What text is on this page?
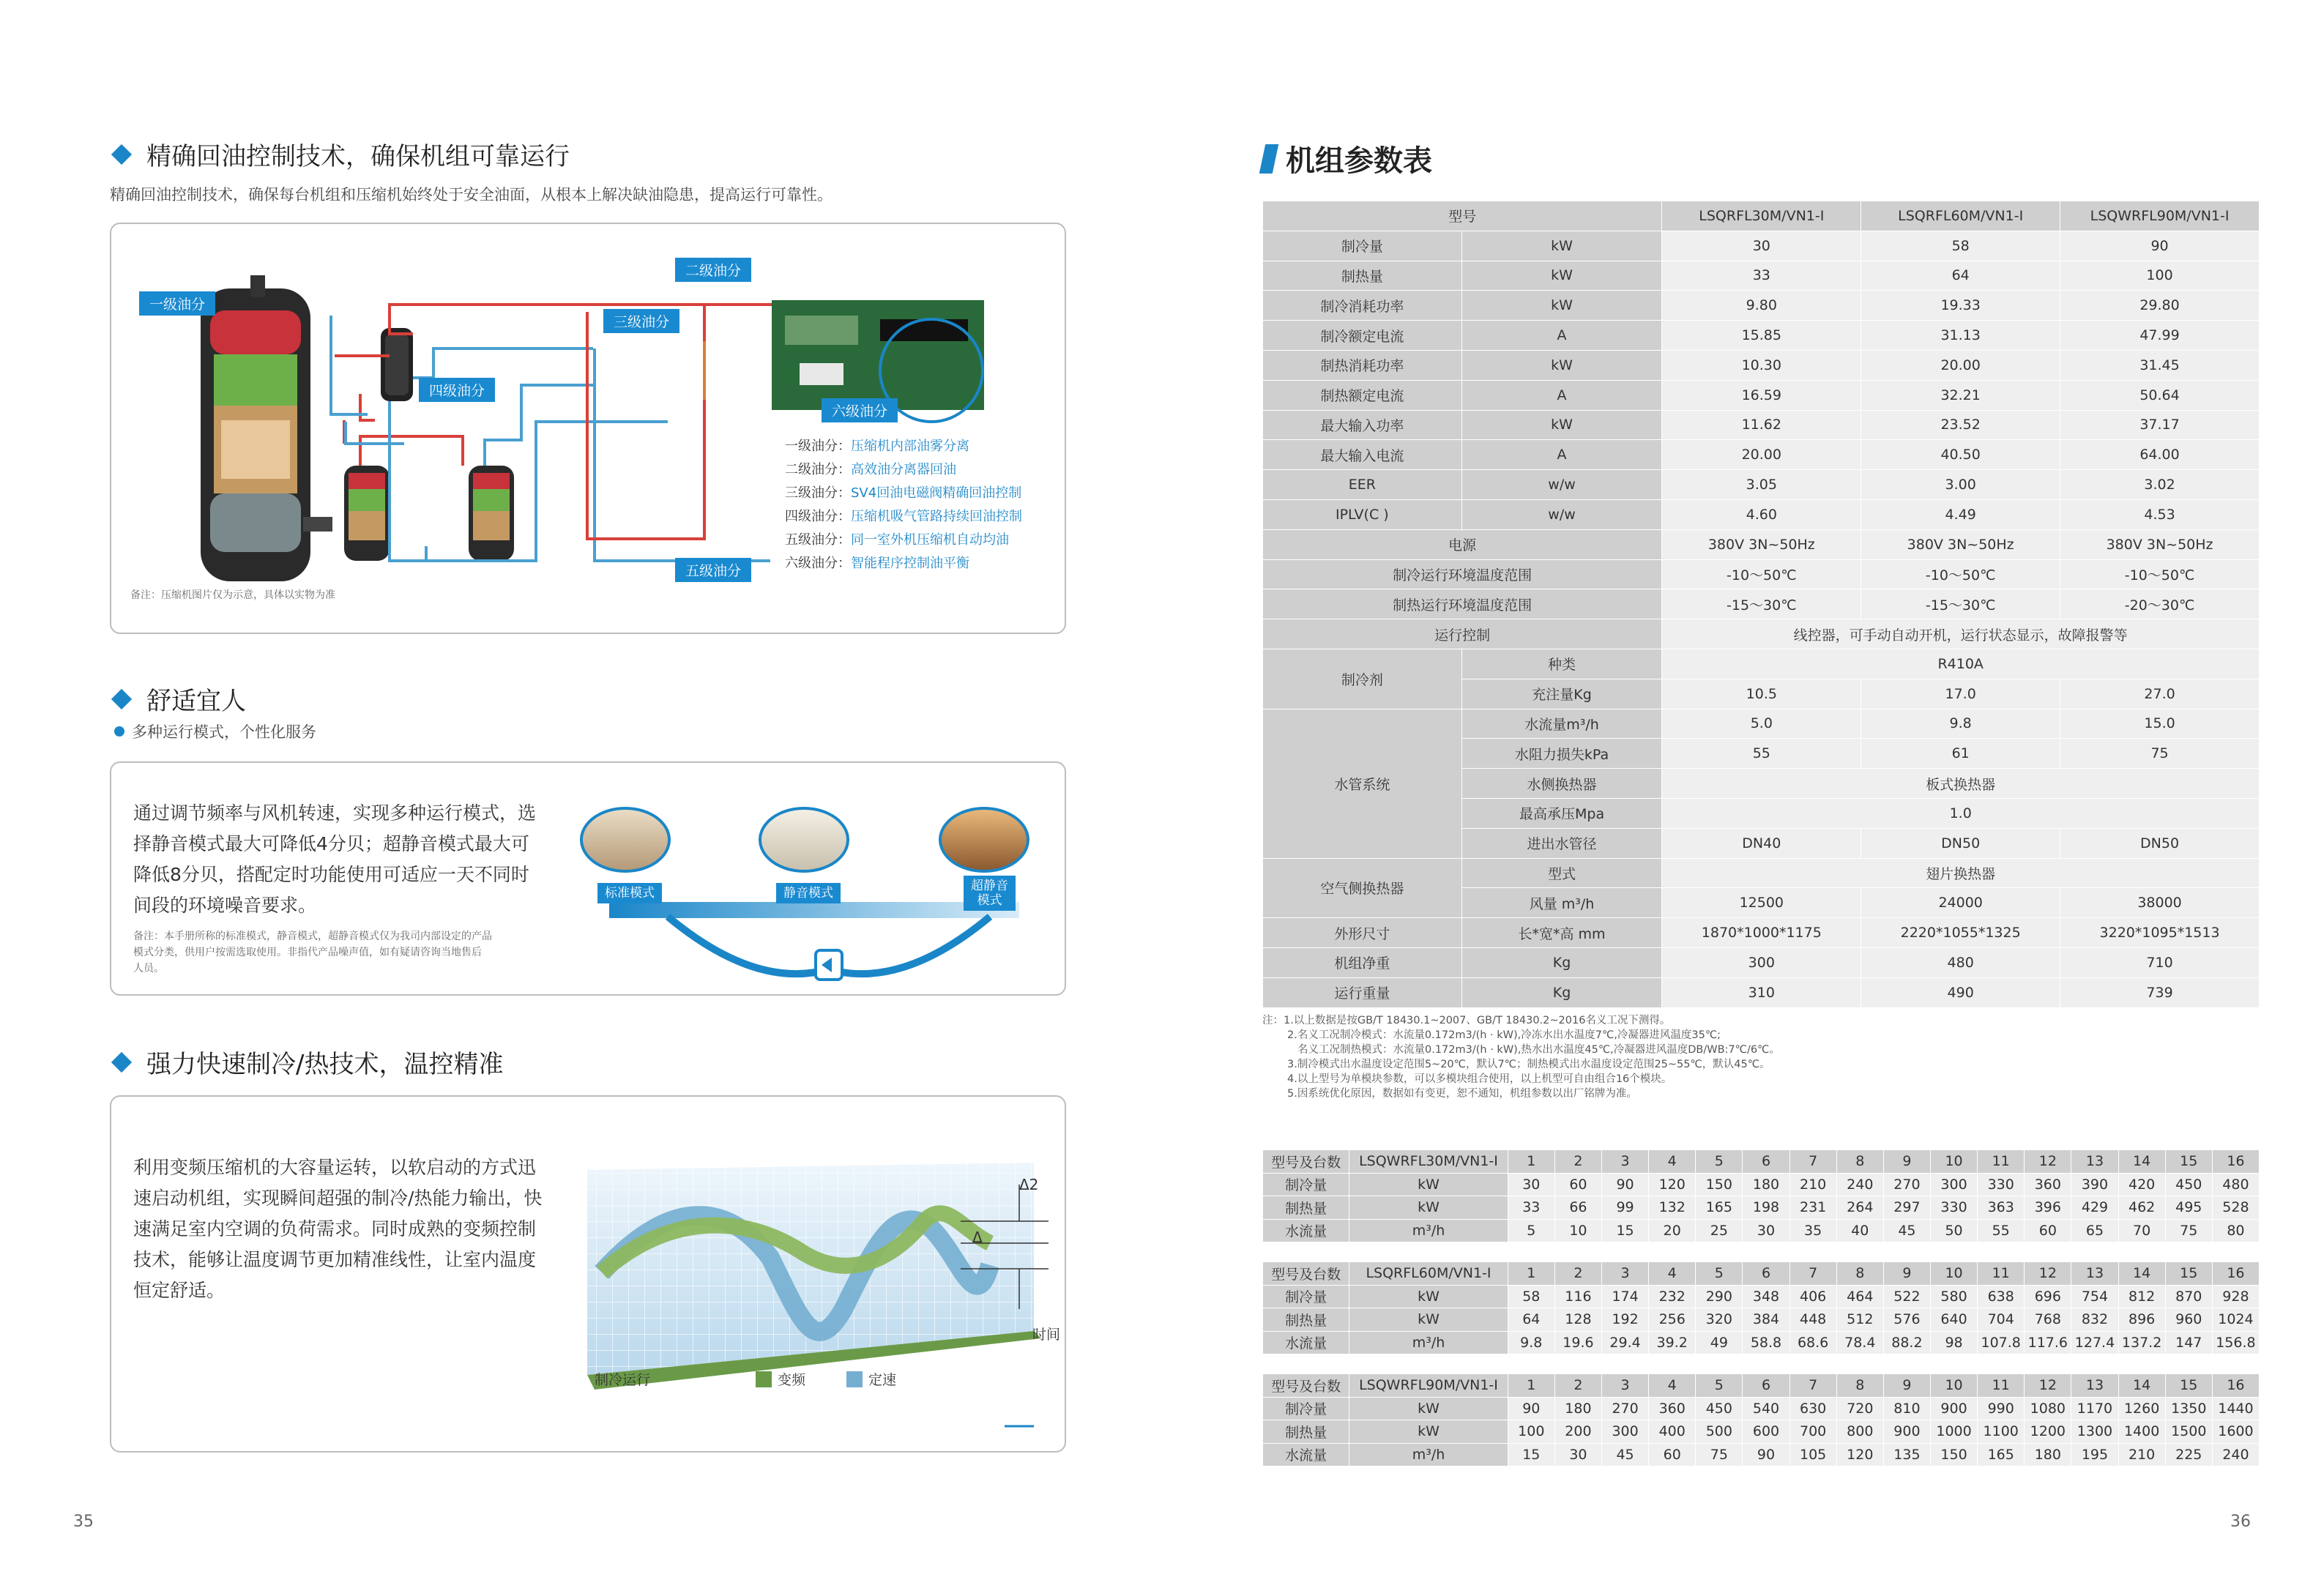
精确回油控制技术，确保机组可靠运行
精确回油控制技术，确保每台机组和压缩机始终处于安全油面，从根本上解决缺油隐患，提高运行可靠性。
一级油分
二级油分
三级油分
四级油分
五级油分
六级油分
一级油分：压缩机内部油雾分离
二级油分：高效油分离器回油
三级油分：SV4回油电磁阀精确回油控制
四级油分：压缩机吸气管路持续回油控制
五级油分：同一室外机压缩机自动均油
六级油分：智能程序控制油平衡
备注：压缩机图片仅为示意，具体以实物为准
舒适宜人
多种运行模式，个性化服务
通过调节频率与风机转速，实现多种运行模式，选
择静音模式最大可降低4分贝；超静音模式最大可
降低8分贝，搭配定时功能使用可适应一天不同时
间段的环境噪音要求。
备注：本手册所称的标准模式，静音模式，超静音模式仅为我司内部设定的产品
模式分类，供用户按需选取使用。非指代产品噪声值，如有疑请咨询当地售后
人员。
标准模式	静音模式	超静音
模式
强力快速制冷/热技术，温控精准
利用变频压缩机的大容量运转，以软启动的方式迅
速启动机组，实现瞬间超强的制冷/热能力输出，快
速满足室内空调的负荷需求。同时成熟的变频控制
技术，能够让温度调节更加精准线性，让室内温度
恒定舒适。
Δ2
Δ
时间
制冷运行	变频	定速
35
机组参数表
型号		LSQRFL30M/VN1-I	LSQRFL60M/VN1-I	LSQWRFL90M/VN1-I
制冷量	kW	30	58	90
制热量	kW	33	64	100
制冷消耗功率	kW	9.80	19.33	29.80
制冷额定电流	A	15.85	31.13	47.99
制热消耗功率	kW	10.30	20.00	31.45
制热额定电流	A	16.59	32.21	50.64
最大输入功率	kW	11.62	23.52	37.17
最大输入电流	A	20.00	40.50	64.00
EER	w/w	3.05	3.00	3.02
IPLV(C )	w/w	4.60	4.49	4.53
电源		380V 3N~50Hz	380V 3N~50Hz	380V 3N~50Hz
制冷运行环境温度范围		-10～50℃	-10～50℃	-10～50℃
制热运行环境温度范围		-15～30℃	-15～30℃	-20～30℃
运行控制		线控器，可手动自动开机，运行状态显示，故障报警等		
制冷剂	种类	R410A		
	充注量Kg	10.5	17.0	27.0
水管系统	水流量m³/h	5.0	9.8	15.0
	水阻力损失kPa	55	61	75
	水侧换热器	板式换热器		
	最高承压Mpa	1.0		
	进出水管径	DN40	DN50	DN50
空气侧换热器	型式	翅片换热器		
	风量 m³/h	12500	24000	38000
外形尺寸	长*宽*高 mm	1870*1000*1175	2220*1055*1325	3220*1095*1513
机组净重	Kg	300	480	710
运行重量	Kg	310	490	739
注：1.以上数据是按GB/T 18430.1~2007、GB/T 18430.2~2016名义工况下测得。
2.名义工况制冷模式：水流量0.172m3/(h · kW),冷冻水出水温度7℃,冷凝器进风温度35℃;
名义工况制热模式：水流量0.172m3/(h · kW),热水出水温度45℃,冷凝器进风温度DB/WB:7℃/6℃。
3.制冷模式出水温度设定范围5~20℃，默认7℃；制热模式出水温度设定范围25~55℃，默认45℃。
4.以上型号为单模块参数，可以多模块组合使用，以上机型可自由组合16个模块。
5.因系统优化原因，数据如有变更，恕不通知，机组参数以出厂铭牌为准。
型号及台数	LSQWRFL30M/VN1-I	1	2	3	4	5	6	7	8	9	10	11	12	13	14	15	16
制冷量	kW	30	60	90	120	150	180	210	240	270	300	330	360	390	420	450	480
制热量	kW	33	66	99	132	165	198	231	264	297	330	363	396	429	462	495	528
水流量	m³/h	5	10	15	20	25	30	35	40	45	50	55	60	65	70	75	80
型号及台数	LSQRFL60M/VN1-I	1	2	3	4	5	6	7	8	9	10	11	12	13	14	15	16
制冷量	kW	58	116	174	232	290	348	406	464	522	580	638	696	754	812	870	928
制热量	kW	64	128	192	256	320	384	448	512	576	640	704	768	832	896	960	1024
水流量	m³/h	9.8	19.6	29.4	39.2	49	58.8	68.6	78.4	88.2	98	107.8	117.6	127.4	137.2	147	156.8
型号及台数	LSQWRFL90M/VN1-I	1	2	3	4	5	6	7	8	9	10	11	12	13	14	15	16
制冷量	kW	90	180	270	360	450	540	630	720	810	900	990	1080	1170	1260	1350	1440
制热量	kW	100	200	300	400	500	600	700	800	900	1000	1100	1200	1300	1400	1500	1600
水流量	m³/h	15	30	45	60	75	90	105	120	135	150	165	180	195	210	225	240
36
